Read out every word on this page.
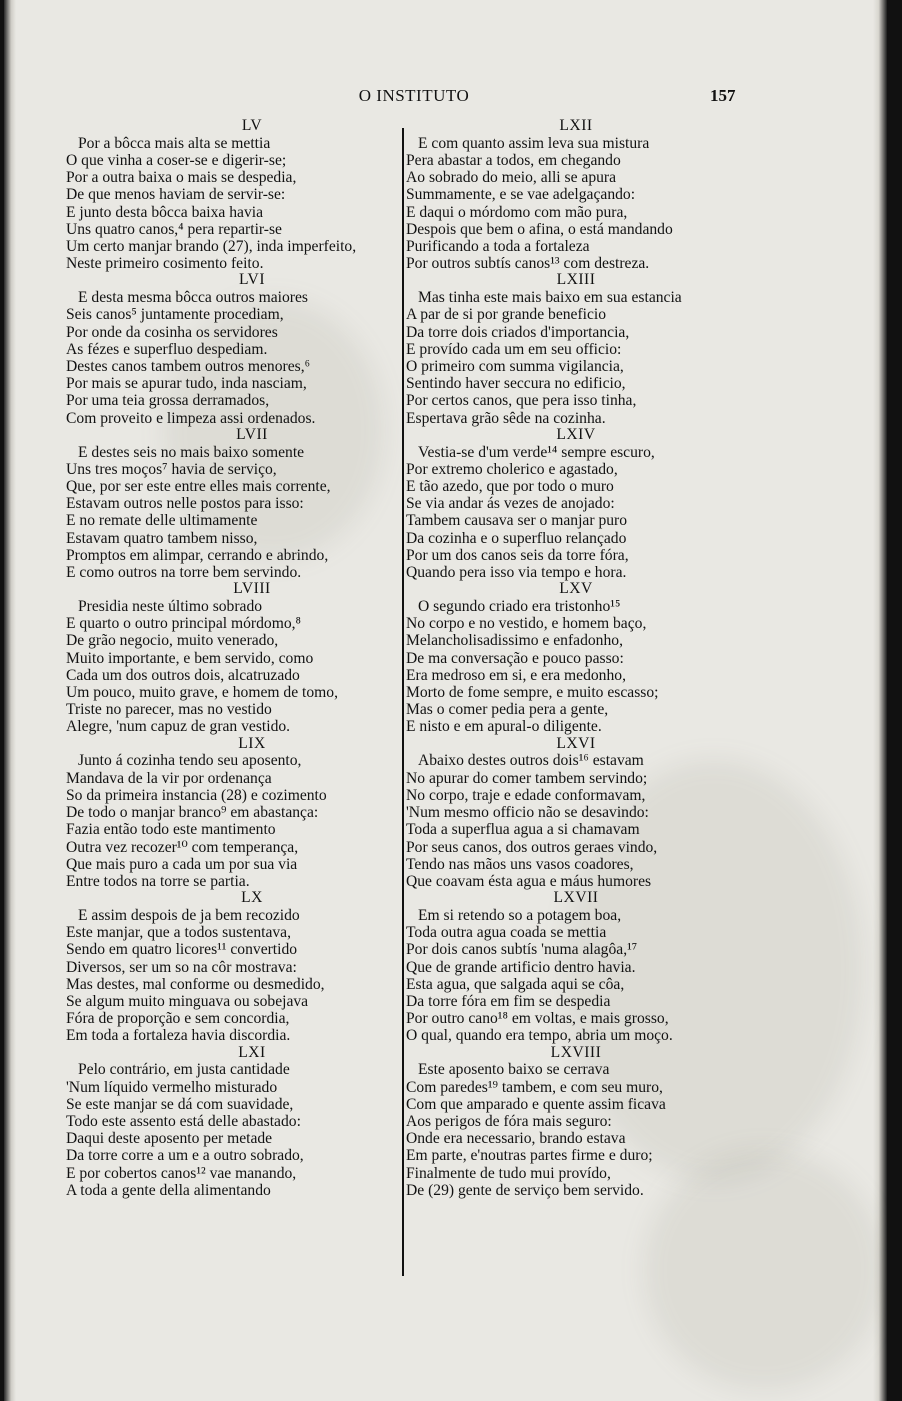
O INSTITUTO	157
LV
Por a bôcca mais alta se mettia
O que vinha a coser-se e digerir-se;
Por a outra baixa o mais se despedia,
De que menos haviam de servir-se:
E junto desta bôcca baixa havia
Uns quatro canos,⁴ pera repartir-se
Um certo manjar brando (27), inda imperfeito,
Neste primeiro cosimento feito.
LVI
E desta mesma bôcca outros maiores
Seis canos⁵ juntamente procediam,
Por onde da cosinha os servidores
As fézes e superfluo despediam.
Destes canos tambem outros menores,⁶
Por mais se apurar tudo, inda nasciam,
Por uma teia grossa derramados,
Com proveito e limpeza assi ordenados.
LVII
E destes seis no mais baixo somente
Uns tres moços⁷ havia de serviço,
Que, por ser este entre elles mais corrente,
Estavam outros nelle postos para isso:
E no remate delle ultimamente
Estavam quatro tambem nisso,
Promptos em alimpar, cerrando e abrindo,
E como outros na torre bem servindo.
LVIII
Presidia neste último sobrado
E quarto o outro principal mórdomo,⁸
De grão negocio, muito venerado,
Muito importante, e bem servido, como
Cada um dos outros dois, alcatruzado
Um pouco, muito grave, e homem de tomo,
Triste no parecer, mas no vestido
Alegre, 'num capuz de gran vestido.
LIX
Junto á cozinha tendo seu aposento,
Mandava de la vir por ordenança
So da primeira instancia (28) e cozimento
De todo o manjar branco⁹ em abastança:
Fazia então todo este mantimento
Outra vez recozer¹⁰ com temperança,
Que mais puro a cada um por sua via
Entre todos na torre se partia.
LX
E assim despois de ja bem recozido
Este manjar, que a todos sustentava,
Sendo em quatro licores¹¹ convertido
Diversos, ser um so na côr mostrava:
Mas destes, mal conforme ou desmedido,
Se algum muito minguava ou sobejava
Fóra de proporção e sem concordia,
Em toda a fortaleza havia discordia.
LXI
Pelo contrário, em justa cantidade
'Num líquido vermelho misturado
Se este manjar se dá com suavidade,
Todo este assento está delle abastado:
Daqui deste aposento per metade
Da torre corre a um e a outro sobrado,
E por cobertos canos¹² vae manando,
A toda a gente della alimentando
LXII
E com quanto assim leva sua mistura
Pera abastar a todos, em chegando
Ao sobrado do meio, alli se apura
Summamente, e se vae adelgaçando:
E daqui o mórdomo com mão pura,
Despois que bem o afina, o está mandando
Purificando a toda a fortaleza
Por outros subtís canos¹³ com destreza.
LXIII
Mas tinha este mais baixo em sua estancia
A par de si por grande beneficio
Da torre dois criados d'importancia,
E provído cada um em seu officio:
O primeiro com summa vigilancia,
Sentindo haver seccura no edificio,
Por certos canos, que pera isso tinha,
Espertava grão sêde na cozinha.
LXIV
Vestia-se d'um verde¹⁴ sempre escuro,
Por extremo cholerico e agastado,
E tão azedo, que por todo o muro
Se via andar ás vezes de anojado:
Tambem causava ser o manjar puro
Da cozinha e o superfluo relançado
Por um dos canos seis da torre fóra,
Quando pera isso via tempo e hora.
LXV
O segundo criado era tristonho¹⁵
No corpo e no vestido, e homem baço,
Melancholisadissimo e enfadonho,
De ma conversação e pouco passo:
Era medroso em si, e era medonho,
Morto de fome sempre, e muito escasso;
Mas o comer pedia pera a gente,
E nisto e em apural-o diligente.
LXVI
Abaixo destes outros dois¹⁶ estavam
No apurar do comer tambem servindo;
No corpo, traje e edade conformavam,
'Num mesmo officio não se desavindo:
Toda a superflua agua a si chamavam
Por seus canos, dos outros geraes vindo,
Tendo nas mãos uns vasos coadores,
Que coavam ésta agua e máus humores
LXVII
Em si retendo so a potagem boa,
Toda outra agua coada se mettia
Por dois canos subtís 'numa alagôa,¹⁷
Que de grande artificio dentro havia.
Esta agua, que salgada aqui se côa,
Da torre fóra em fim se despedia
Por outro cano¹⁸ em voltas, e mais grosso,
O qual, quando era tempo, abria um moço.
LXVIII
Este aposento baixo se cerrava
Com paredes¹⁹ tambem, e com seu muro,
Com que amparado e quente assim ficava
Aos perigos de fóra mais seguro:
Onde era necessario, brando estava
Em parte, e'noutras partes firme e duro;
Finalmente de tudo mui provído,
De (29) gente de serviço bem servido.
